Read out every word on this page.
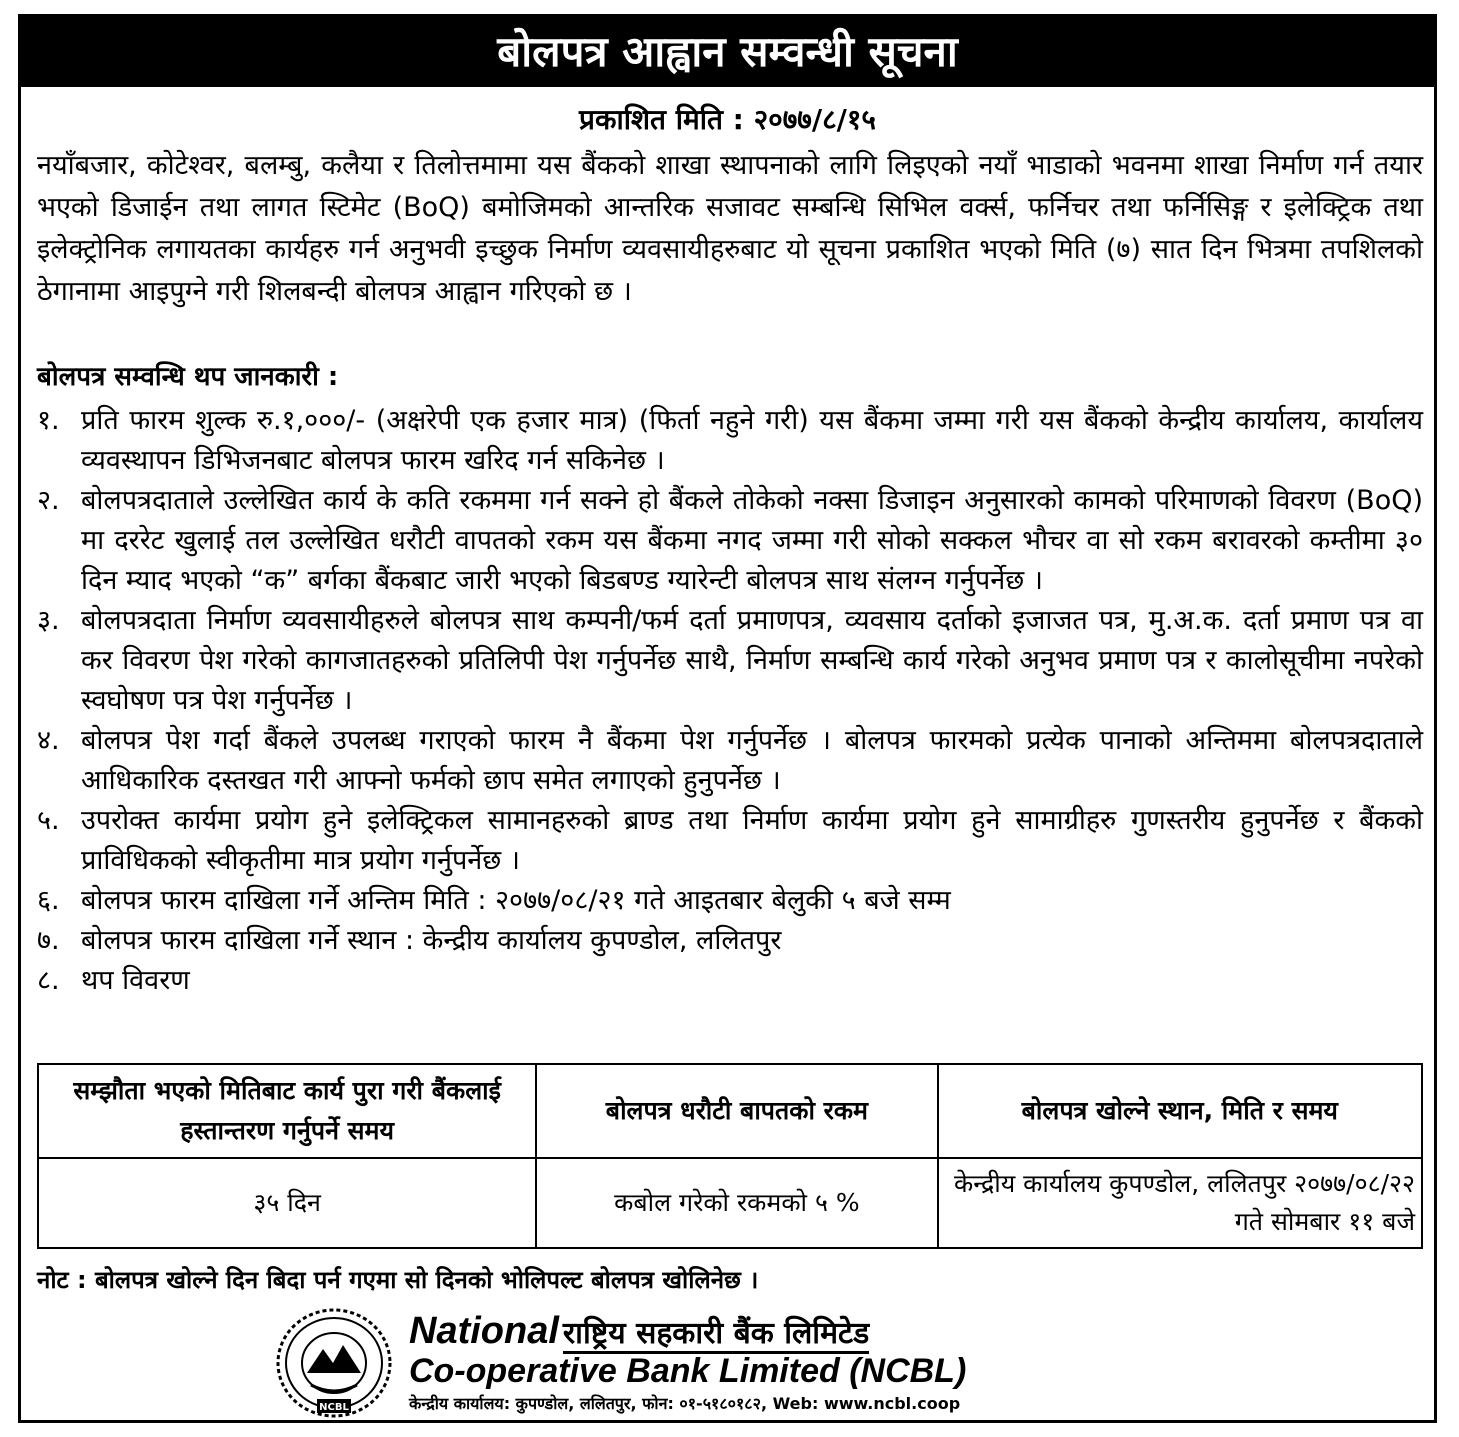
बोलपत्र आह्वान सम्वन्धी सूचना
प्रकाशित मिति : २०७७/८/१५

नयाँबजार, कोटेश्वर, बलम्बु, कलैया र तिलोत्तमामा यस बैंकको शाखा स्थापनाको लागि लिइएको नयाँ भाडाको भवनमा शाखा निर्माण गर्न तयार भएको डिजाईन तथा लागत स्टिमेट (BoQ) बमोजिमको आन्तरिक सजावट सम्बन्धि सिभिल वर्क्स, फर्निचर तथा फर्निसिङ्ग र इलेक्ट्रिक तथा इलेक्ट्रोनिक लगायतका कार्यहरु गर्न अनुभवी इच्छुक निर्माण व्यवसायीहरुबाट यो सूचना प्रकाशित भएको मिति (७) सात दिन भित्रमा तपशिलको ठेगानामा आइपुग्ने गरी शिलबन्दी बोलपत्र आह्वान गरिएको छ ।

बोलपत्र सम्वन्धि थप जानकारी :
१. प्रति फारम शुल्क रु.१,०००/- (अक्षरेपी एक हजार मात्र) (फिर्ता नहुने गरी) यस बैंकमा जम्मा गरी यस बैंकको केन्द्रीय कार्यालय, कार्यालय व्यवस्थापन डिभिजनबाट बोलपत्र फारम खरिद गर्न सकिनेछ ।
२. बोलपत्रदाताले उल्लेखित कार्य के कति रकममा गर्न सक्ने हो बैंकले तोकेको नक्सा डिजाइन अनुसारको कामको परिमाणको विवरण (BoQ) मा दररेट खुलाई तल उल्लेखित धरौटी वापतको रकम यस बैंकमा नगद जम्मा गरी सोको सक्कल भौचर वा सो रकम बरावरको कम्तीमा ३० दिन म्याद भएको “क” बर्गका बैंकबाट जारी भएको बिडबण्ड ग्यारेन्टी बोलपत्र साथ संलग्न गर्नुपर्नेछ ।
३. बोलपत्रदाता निर्माण व्यवसायीहरुले बोलपत्र साथ कम्पनी/फर्म दर्ता प्रमाणपत्र, व्यवसाय दर्ताको इजाजत पत्र, मु.अ.क. दर्ता प्रमाण पत्र वा कर विवरण पेश गरेको कागजातहरुको प्रतिलिपी पेश गर्नुपर्नेछ साथै, निर्माण सम्बन्धि कार्य गरेको अनुभव प्रमाण पत्र र कालोसूचीमा नपरेको स्वघोषण पत्र पेश गर्नुपर्नेछ ।
४. बोलपत्र पेश गर्दा बैंकले उपलब्ध गराएको फारम नै बैंकमा पेश गर्नुपर्नेछ । बोलपत्र फारमको प्रत्येक पानाको अन्तिममा बोलपत्रदाताले आधिकारिक दस्तखत गरी आफ्नो फर्मको छाप समेत लगाएको हुनुपर्नेछ ।
५. उपरोक्त कार्यमा प्रयोग हुने इलेक्ट्रिकल सामानहरुको ब्राण्ड तथा निर्माण कार्यमा प्रयोग हुने सामाग्रीहरु गुणस्तरीय हुनुपर्नेछ र बैंकको प्राविधिकको स्वीकृतीमा मात्र प्रयोग गर्नुपर्नेछ ।
६. बोलपत्र फारम दाखिला गर्ने अन्तिम मिति : २०७७/०८/२१ गते आइतबार बेलुकी ५ बजे सम्म
७. बोलपत्र फारम दाखिला गर्ने स्थान : केन्द्रीय कार्यालय कुपण्डोल, ललितपुर
८. थप विवरण
सम्झौता भएको मितिबाट कार्य पुरा गरी बैंकलाई हस्तान्तरण गर्नुपर्ने समय	बोलपत्र धरौटी बापतको रकम	बोलपत्र खोल्ने स्थान, मिति र समय
३५ दिन	कबोल गरेको रकमको ५ %	केन्द्रीय कार्यालय कुपण्डोल, ललितपुर २०७७/०८/२२ गते सोमबार ११ बजे
नोट : बोलपत्र खोल्ने दिन बिदा पर्न गएमा सो दिनको भोलिपल्ट बोलपत्र खोलिनेछ ।
NCBL
National राष्ट्रिय सहकारी बैंक लिमिटेड
Co-operative Bank Limited (NCBL)
केन्द्रीय कार्यालय: कुपण्डोल, ललितपुर, फोन: ०१-५१८०१८२, Web: www.ncbl.coop
